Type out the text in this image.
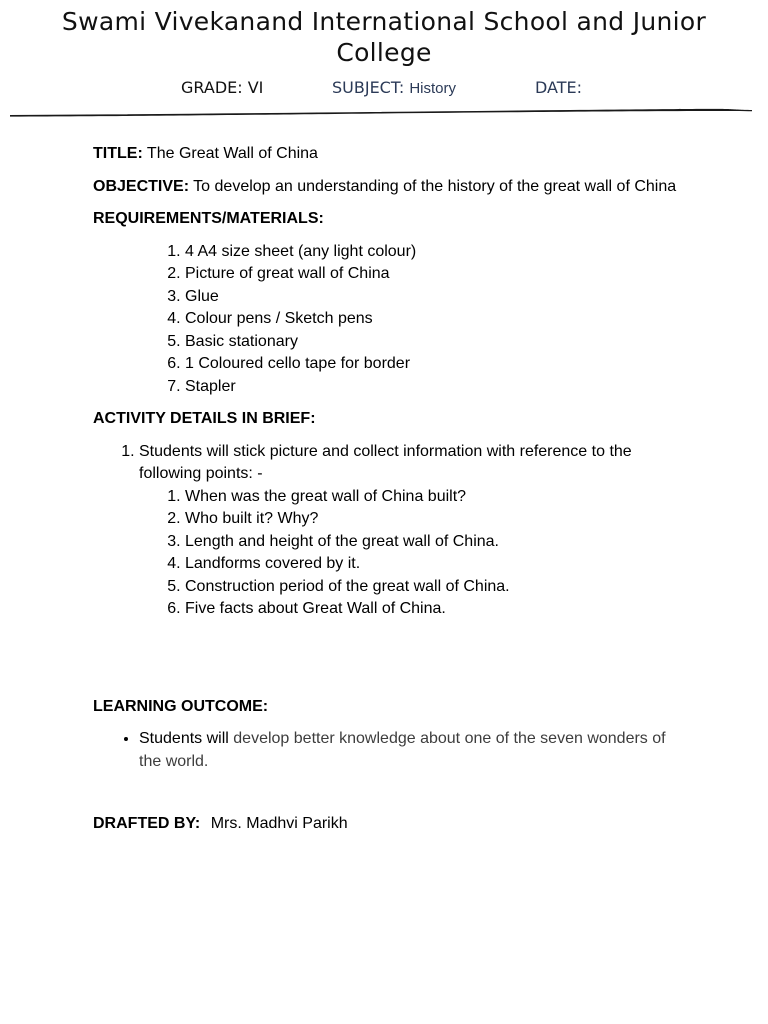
Swami Vivekanand International School and Junior College
GRADE: VI	SUBJECT: History	DATE:

TITLE: The Great Wall of China

OBJECTIVE: To develop an understanding of the history of the great wall of China

REQUIREMENTS/MATERIALS:

1. 4 A4 size sheet (any light colour)
2. Picture of great wall of China
3. Glue
4. Colour pens / Sketch pens
5. Basic stationary
6. 1 Coloured cello tape for border
7. Stapler

ACTIVITY DETAILS IN BRIEF:

1. Students will stick picture and collect information with reference to the following points: -
1. When was the great wall of China built?
2. Who built it? Why?
3. Length and height of the great wall of China.
4. Landforms covered by it.
5. Construction period of the great wall of China.
6. Five facts about Great Wall of China.

LEARNING OUTCOME:

• Students will develop better knowledge about one of the seven wonders of the world.

DRAFTED BY: Mrs. Madhvi Parikh
